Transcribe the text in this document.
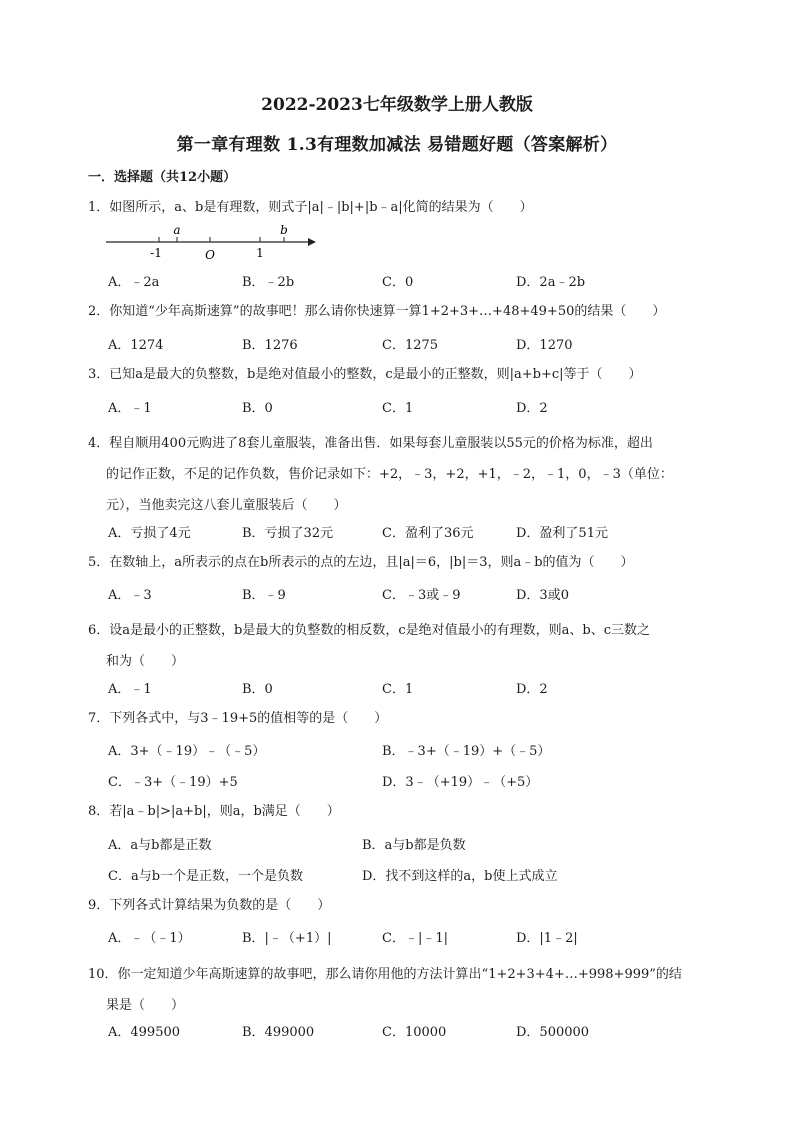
2022-2023七年级数学上册人教版
第一章有理数 1.3有理数加减法 易错题好题（答案解析）
一．选择题（共12小题）
1．如图所示，a、b是有理数，则式子|a|﹣|b|+|b﹣a|化简的结果为（　　）
a	b
-1	O	1
A．﹣2a	B．﹣2b	C．0	D．2a﹣2b
2．你知道“少年高斯速算”的故事吧！那么请你快速算一算1+2+3+…+48+49+50的结果（　　）
A．1274	B．1276	C．1275	D．1270
3．已知a是最大的负整数，b是绝对值最小的整数，c是最小的正整数，则|a+b+c|等于（　　）
A．﹣1	B．0	C．1	D．2
4．程自顺用400元购进了8套儿童服装，准备出售．如果每套儿童服装以55元的价格为标准，超出
的记作正数，不足的记作负数，售价记录如下：+2，﹣3，+2，+1，﹣2，﹣1，0，﹣3（单位：
元），当他卖完这八套儿童服装后（　　）
A．亏损了4元	B．亏损了32元	C．盈利了36元	D．盈利了51元
5．在数轴上，a所表示的点在b所表示的点的左边，且|a|＝6，|b|＝3，则a﹣b的值为（　　）
A．﹣3	B．﹣9	C．﹣3或﹣9	D．3或0
6．设a是最小的正整数，b是最大的负整数的相反数，c是绝对值最小的有理数，则a、b、c三数之
和为（　　）
A．﹣1	B．0	C．1	D．2
7．下列各式中，与3﹣19+5的值相等的是（　　）
A．3+（﹣19）﹣（﹣5）	B．﹣3+（﹣19）+（﹣5）
C．﹣3+（﹣19）+5	D．3﹣（+19）﹣（+5）
8．若|a﹣b|>|a+b|，则a，b满足（　　）
A．a与b都是正数	B．a与b都是负数
C．a与b一个是正数，一个是负数	D．找不到这样的a，b使上式成立
9．下列各式计算结果为负数的是（　　）
A．﹣（﹣1）	B．|﹣（+1）|	C．﹣|﹣1|	D．|1﹣2|
10．你一定知道少年高斯速算的故事吧，那么请你用他的方法计算出“1+2+3+4+…+998+999”的结
果是（　　）
A．499500	B．499000	C．10000	D．500000
